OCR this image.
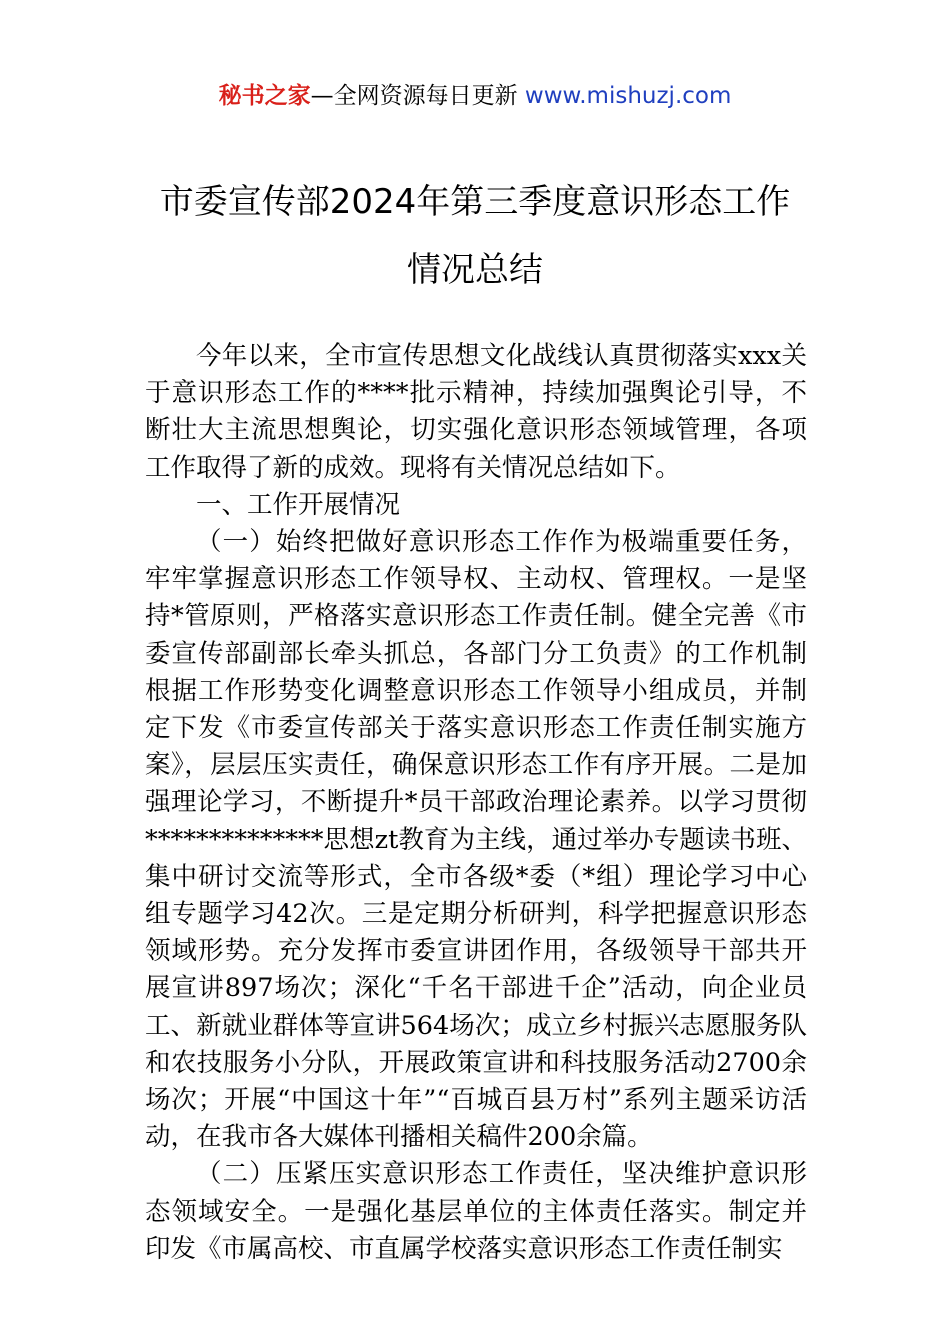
秘书之家—全网资源每日更新 www.mishuzj.com
市委宣传部2024年第三季度意识形态工作
情况总结

今年以来，全市宣传思想文化战线认真贯彻落实xxx关于意识形态工作的****批示精神，持续加强舆论引导，不断壮大主流思想舆论，切实强化意识形态领域管理，各项工作取得了新的成效。现将有关情况总结如下。

一、工作开展情况

（一）始终把做好意识形态工作作为极端重要任务，牢牢掌握意识形态工作领导权、主动权、管理权。一是坚持*管原则，严格落实意识形态工作责任制。健全完善《市委宣传部副部长牵头抓总，各部门分工负责》的工作机制根据工作形势变化调整意识形态工作领导小组成员，并制定下发《市委宣传部关于落实意识形态工作责任制实施方案》，层层压实责任，确保意识形态工作有序开展。二是加强理论学习，不断提升*员干部政治理论素养。以学习贯彻**************思想zt教育为主线，通过举办专题读书班、集中研讨交流等形式，全市各级*委（*组）理论学习中心组专题学习42次。三是定期分析研判，科学把握意识形态领域形势。充分发挥市委宣讲团作用，各级领导干部共开展宣讲897场次；深化“千名干部进千企”活动，向企业员工、新就业群体等宣讲564场次；成立乡村振兴志愿服务队和农技服务小分队，开展政策宣讲和科技服务活动2700余场次；开展“中国这十年”“百城百县万村”系列主题采访活动，在我市各大媒体刊播相关稿件200余篇。

（二）压紧压实意识形态工作责任，坚决维护意识形态领域安全。一是强化基层单位的主体责任落实。制定并印发《市属高校、市直属学校落实意识形态工作责任制实
